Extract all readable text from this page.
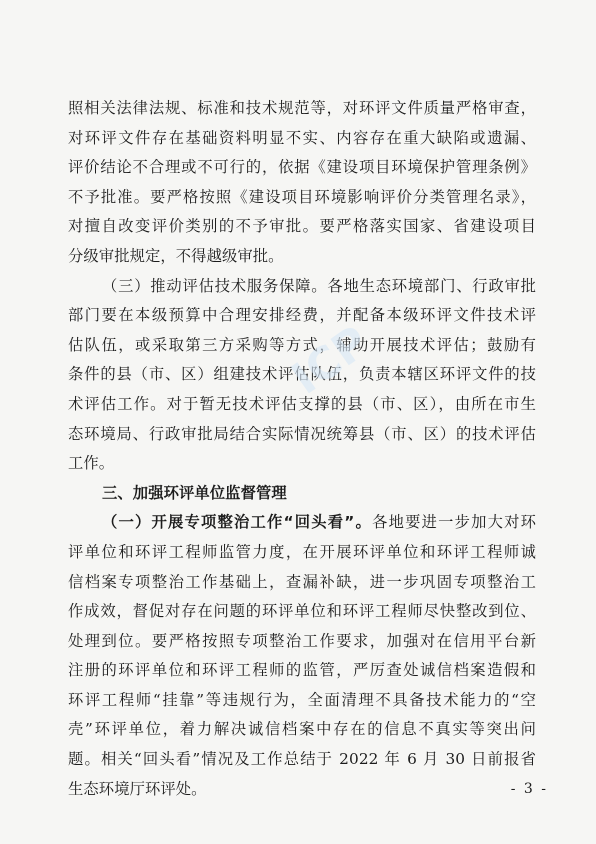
照相关法律法规、标准和技术规范等，对环评文件质量严格审查，
对环评文件存在基础资料明显不实、内容存在重大缺陷或遗漏、
评价结论不合理或不可行的，依据《建设项目环境保护管理条例》
不予批准。要严格按照《建设项目环境影响评价分类管理名录》，
对擅自改变评价类别的不予审批。要严格落实国家、省建设项目
分级审批规定，不得越级审批。
（三）推动评估技术服务保障。各地生态环境部门、行政审批
部门要在本级预算中合理安排经费，并配备本级环评文件技术评
估队伍，或采取第三方采购等方式，辅助开展技术评估；鼓励有
条件的县（市、区）组建技术评估队伍，负责本辖区环评文件的技
术评估工作。对于暂无技术评估支撑的县（市、区），由所在市生
态环境局、行政审批局结合实际情况统筹县（市、区）的技术评估
工作。
三、加强环评单位监督管理
（一）开展专项整治工作“回头看”。各地要进一步加大对环
评单位和环评工程师监管力度，在开展环评单位和环评工程师诚
信档案专项整治工作基础上，查漏补缺，进一步巩固专项整治工
作成效，督促对存在问题的环评单位和环评工程师尽快整改到位、
处理到位。要严格按照专项整治工作要求，加强对在信用平台新
注册的环评单位和环评工程师的监管，严厉查处诚信档案造假和
环评工程师“挂靠”等违规行为，全面清理不具备技术能力的“空
壳”环评单位，着力解决诚信档案中存在的信息不真实等突出问
题。相关“回头看”情况及工作总结于 2022 年 6 月 30 日前报省
生态环境厅环评处。
ICP
- 3 -
